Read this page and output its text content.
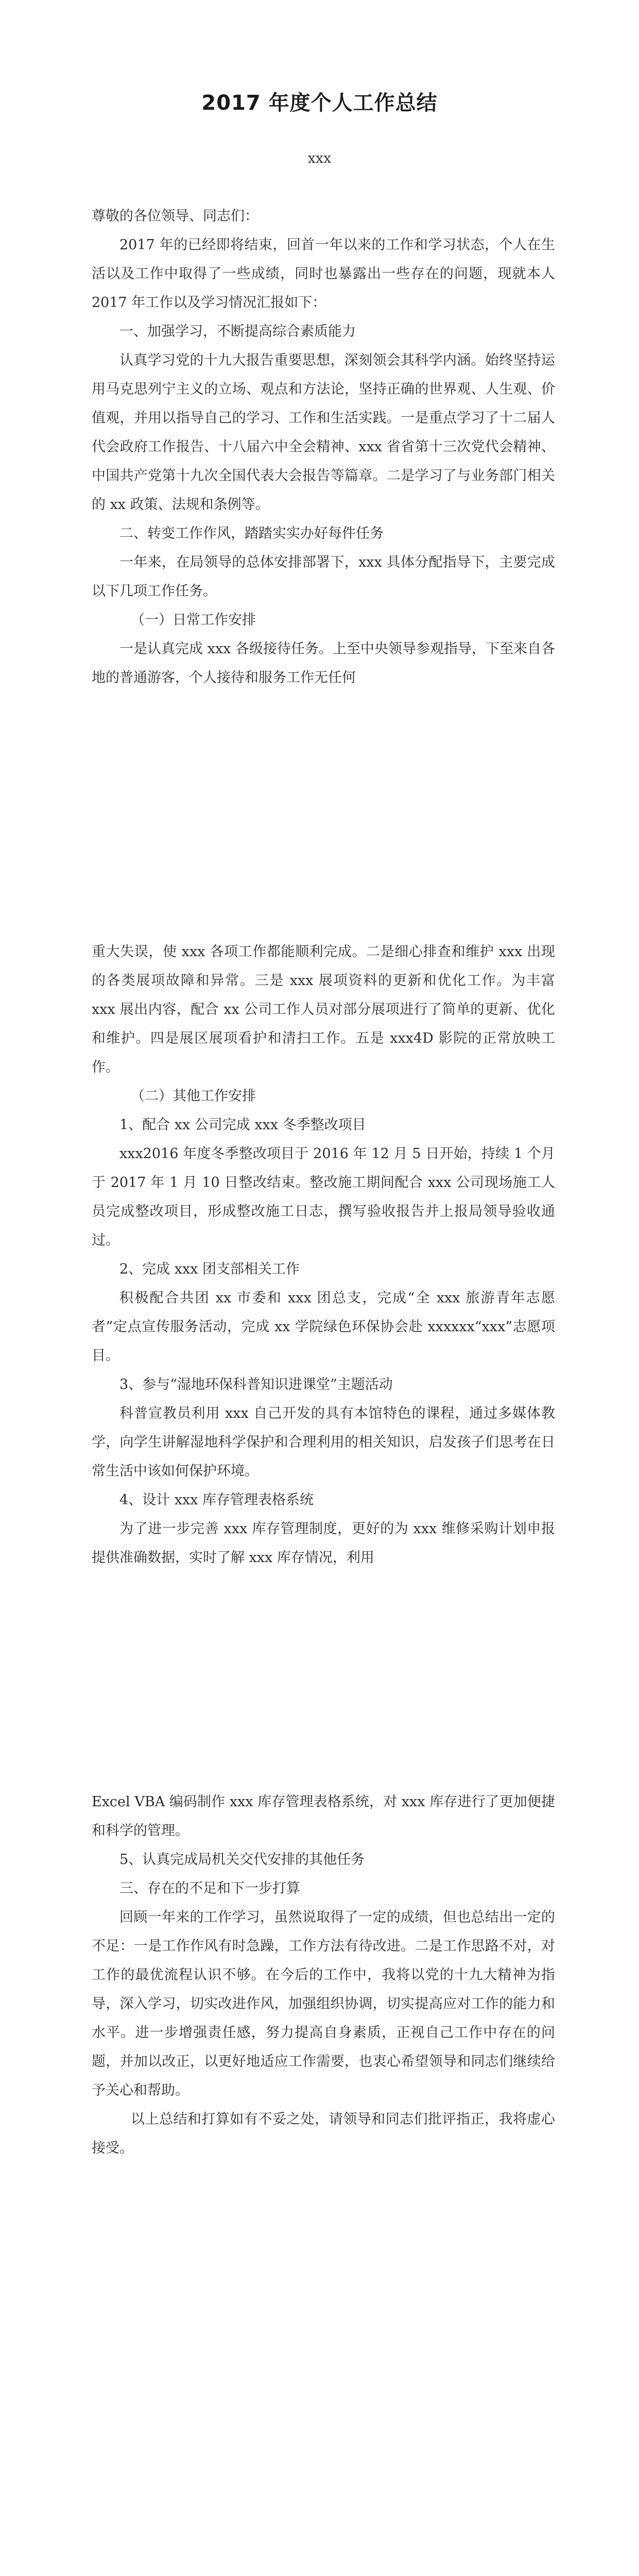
2017 年度个人工作总结
xxx

尊敬的各位领导、同志们：

2017 年的已经即将结束，回首一年以来的工作和学习状态，个人在生活以及工作中取得了一些成绩，同时也暴露出一些存在的问题，现就本人 2017 年工作以及学习情况汇报如下：

一、加强学习，不断提高综合素质能力

认真学习党的十九大报告重要思想，深刻领会其科学内涵。始终坚持运用马克思列宁主义的立场、观点和方法论，坚持正确的世界观、人生观、价值观，并用以指导自己的学习、工作和生活实践。一是重点学习了十二届人代会政府工作报告、十八届六中全会精神、xxx 省省第十三次党代会精神、中国共产党第十九次全国代表大会报告等篇章。二是学习了与业务部门相关的 xx 政策、法规和条例等。

二、转变工作作风，踏踏实实办好每件任务

一年来，在局领导的总体安排部署下，xxx 具体分配指导下，主要完成以下几项工作任务。

（一）日常工作安排

一是认真完成 xxx 各级接待任务。上至中央领导参观指导，下至来自各地的普通游客，个人接待和服务工作无任何

重大失误，使 xxx 各项工作都能顺利完成。二是细心排查和维护 xxx 出现的各类展项故障和异常。三是 xxx 展项资料的更新和优化工作。为丰富 xxx 展出内容，配合 xx 公司工作人员对部分展项进行了简单的更新、优化和维护。四是展区展项看护和清扫工作。五是 xxx4D 影院的正常放映工作。

（二）其他工作安排

1、配合 xx 公司完成 xxx 冬季整改项目

xxx2016 年度冬季整改项目于 2016 年 12 月 5 日开始，持续 1 个月于 2017 年 1 月 10 日整改结束。整改施工期间配合 xxx 公司现场施工人员完成整改项目，形成整改施工日志，撰写验收报告并上报局领导验收通过。

2、完成 xxx 团支部相关工作

积极配合共团 xx 市委和 xxx 团总支，完成“全 xxx 旅游青年志愿者”定点宣传服务活动，完成 xx 学院绿色环保协会赴 xxxxxx“xxx”志愿项目。

3、参与“湿地环保科普知识进课堂”主题活动

科普宣教员利用 xxx 自己开发的具有本馆特色的课程，通过多媒体教学，向学生讲解湿地科学保护和合理利用的相关知识，启发孩子们思考在日常生活中该如何保护环境。

4、设计 xxx 库存管理表格系统

为了进一步完善 xxx 库存管理制度，更好的为 xxx 维修采购计划申报提供准确数据，实时了解 xxx 库存情况，利用

Excel VBA 编码制作 xxx 库存管理表格系统，对 xxx 库存进行了更加便捷和科学的管理。

5、认真完成局机关交代安排的其他任务

三、存在的不足和下一步打算

回顾一年来的工作学习，虽然说取得了一定的成绩，但也总结出一定的不足：一是工作作风有时急躁，工作方法有待改进。二是工作思路不对，对工作的最优流程认识不够。在今后的工作中，我将以党的十九大精神为指导，深入学习，切实改进作风，加强组织协调，切实提高应对工作的能力和水平。进一步增强责任感，努力提高自身素质，正视自己工作中存在的问题，并加以改正，以更好地适应工作需要，也衷心希望领导和同志们继续给予关心和帮助。

以上总结和打算如有不妥之处，请领导和同志们批评指正，我将虚心接受。
